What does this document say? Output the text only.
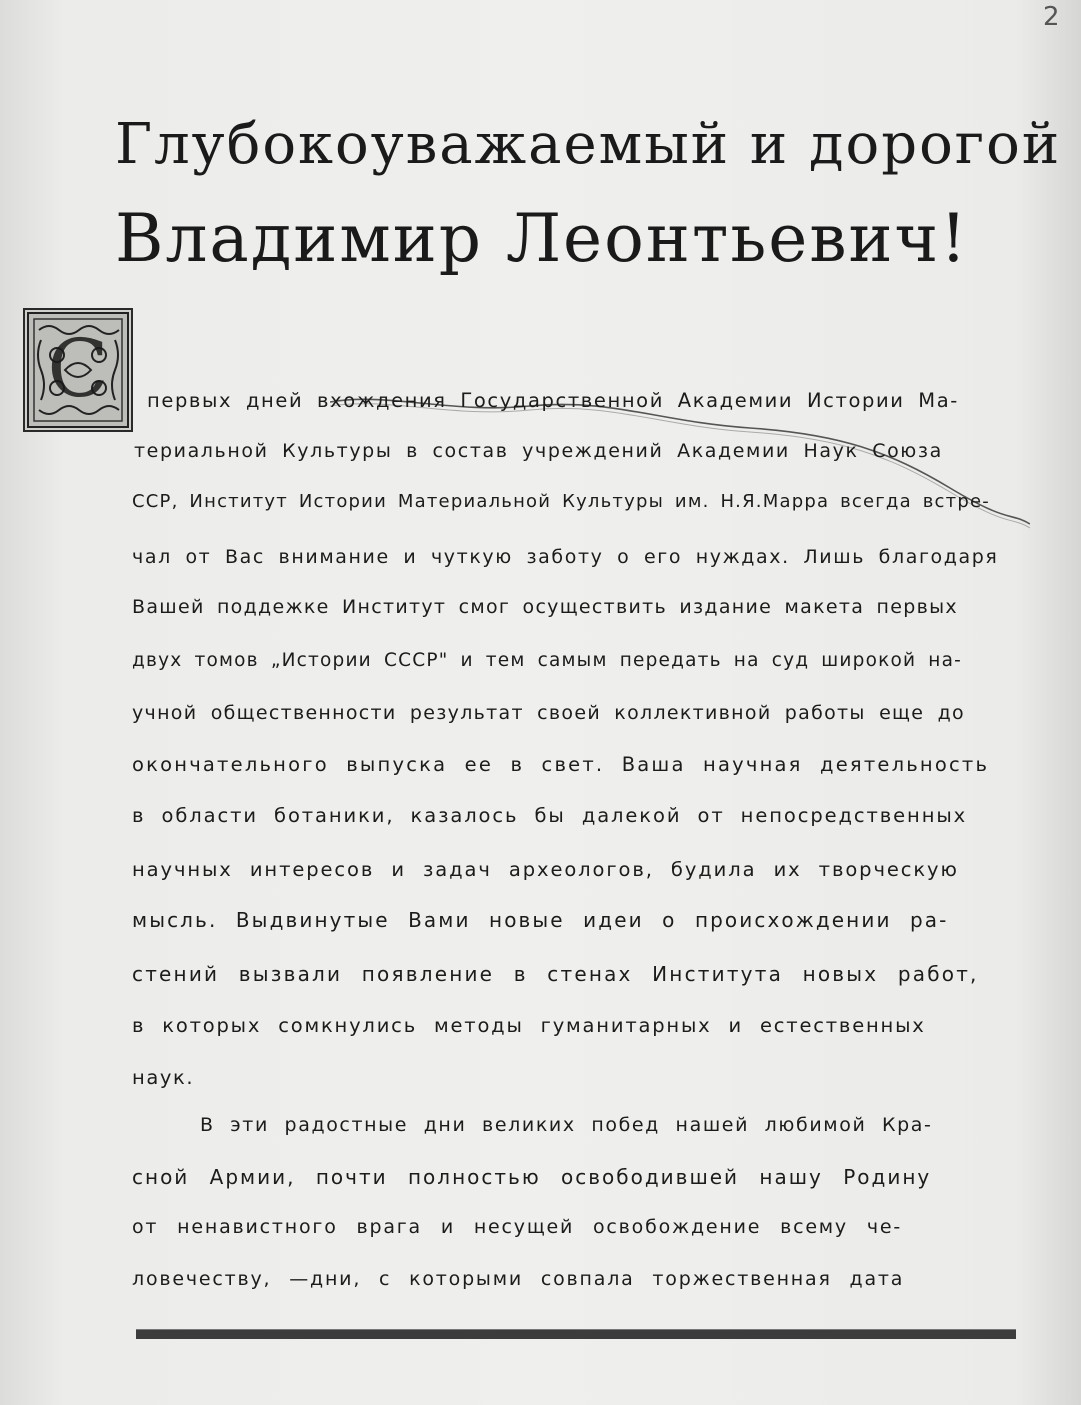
2
Глубокоуважаемый и дорогой
Владимир Леонтьевич!
С первых дней вхождения Государственной Академии Истории Ма-
териальной Культуры в состав учреждений Академии Наук Союза
ССР, Институт Истории Материальной Культуры им. Н.Я.Марра всегда встре-
чал от Вас внимание и чуткую заботу о его нуждах. Лишь благодаря
Вашей поддежке Институт смог осуществить издание макета первых
двух томов „Истории СССР" и тем самым передать на суд широкой на-
учной общественности результат своей коллективной работы еще до
окончательного выпуска ее в свет. Ваша научная деятельность
в области ботаники, казалось бы далекой от непосредственных
научных интересов и задач археологов, будила их творческую
мысль. Выдвинутые Вами новые идеи о происхождении ра-
стений вызвали появление в стенах Института новых работ,
в которых сомкнулись методы гуманитарных и естественных
наук.
В эти радостные дни великих побед нашей любимой Кра-
сной Армии, почти полностью освободившей нашу Родину
от ненавистного врага и несущей освобождение всему че-
ловечеству, —дни, с которыми совпала торжественная дата
